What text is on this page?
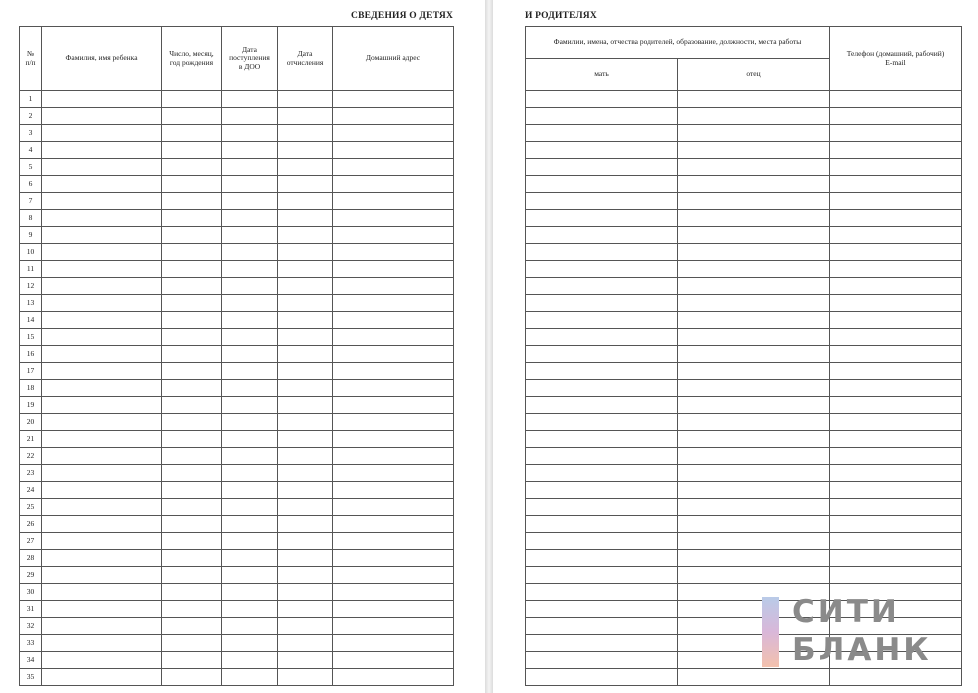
СВЕДЕНИЯ О ДЕТЯХ
№
п/п	Фамилия, имя ребенка	Число, месяц,
год рождения	Дата
поступления
в ДОО	Дата
отчисления	Домашний адрес
1					
2					
3					
4					
5					
6					
7					
8					
9					
10					
11					
12					
13					
14					
15					
16					
17					
18					
19					
20					
21					
22					
23					
24					
25					
26					
27					
28					
29					
30					
31					
32					
33					
34					
35					
И РОДИТЕЛЯХ
Фамилии, имена, отчества родителей, образование, должности, места работы		Телефон (домашний, рабочий)
E-mail
мать	отец	

СИТИ
БЛАНК
